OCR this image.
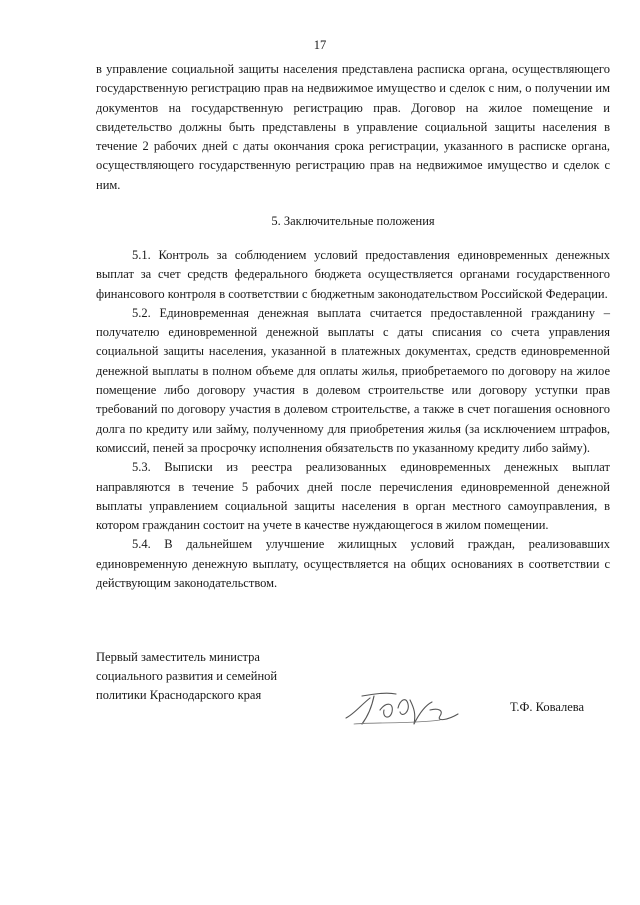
17

в управление социальной защиты населения представлена расписка органа, осуществляющего государственную регистрацию прав на недвижимое имущество и сделок с ним, о получении им документов на государственную регистрацию прав. Договор на жилое помещение и свидетельство должны быть представлены в управление социальной защиты населения в течение 2 рабочих дней с даты окончания срока регистрации, указанного в расписке органа, осуществляющего государственную регистрацию прав на недвижимое имущество и сделок с ним.

5. Заключительные положения

5.1. Контроль за соблюдением условий предоставления единовременных денежных выплат за счет средств федерального бюджета осуществляется органами государственного финансового контроля в соответствии с бюджетным законодательством Российской Федерации.

5.2. Единовременная денежная выплата считается предоставленной гражданину – получателю единовременной денежной выплаты с даты списания со счета управления социальной защиты населения, указанной в платежных документах, средств единовременной денежной выплаты в полном объеме для оплаты жилья, приобретаемого по договору на жилое помещение либо договору участия в долевом строительстве или договору уступки прав требований по договору участия в долевом строительстве, а также в счет погашения основного долга по кредиту или займу, полученному для приобретения жилья (за исключением штрафов, комиссий, пеней за просрочку исполнения обязательств по указанному кредиту либо займу).

5.3. Выписки из реестра реализованных единовременных денежных выплат направляются в течение 5 рабочих дней после перечисления единовременной денежной выплаты управлением социальной защиты населения в орган местного самоуправления, в котором гражданин состоит на учете в качестве нуждающегося в жилом помещении.

5.4. В дальнейшем улучшение жилищных условий граждан, реализовавших единовременную денежную выплату, осуществляется на общих основаниях в соответствии с действующим законодательством.

Первый заместитель министра
социального развития и семейной
политики Краснодарского края
Т.Ф. Ковалева
